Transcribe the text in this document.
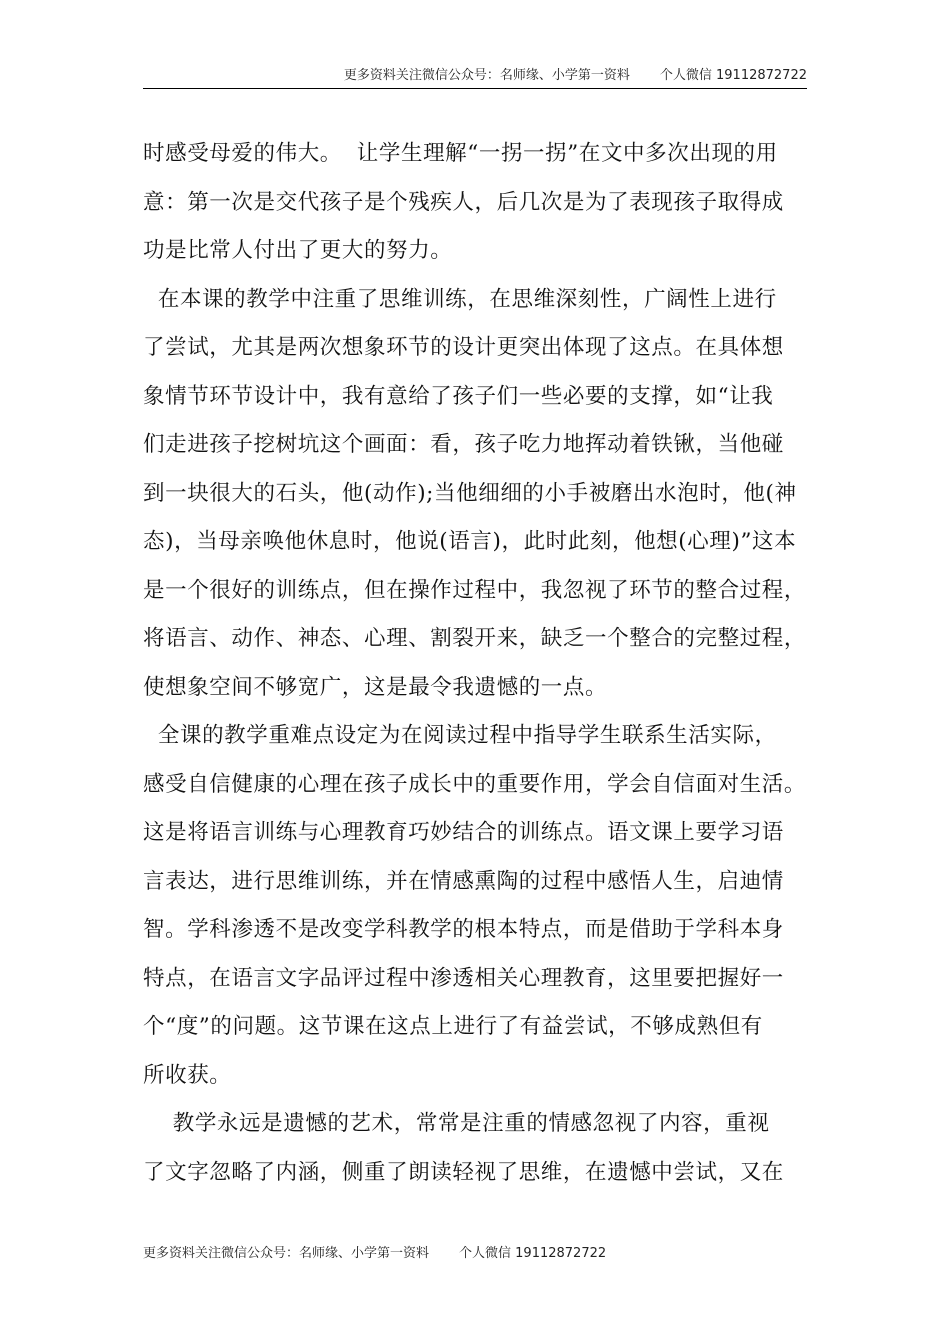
更多资料关注微信公众号：名师缘、小学第一资料 个人微信 19112872722

时感受母爱的伟大。  让学生理解“一拐一拐”在文中多次出现的用

意：第一次是交代孩子是个残疾人，后几次是为了表现孩子取得成

功是比常人付出了更大的努力。

在本课的教学中注重了思维训练，在思维深刻性，广阔性上进行

了尝试，尤其是两次想象环节的设计更突出体现了这点。在具体想

象情节环节设计中，我有意给了孩子们一些必要的支撑，如“让我

们走进孩子挖树坑这个画面：看，孩子吃力地挥动着铁锹，当他碰

到一块很大的石头，他(动作);当他细细的小手被磨出水泡时，他(神

态)，当母亲唤他休息时，他说(语言)，此时此刻，他想(心理)”这本

是一个很好的训练点，但在操作过程中，我忽视了环节的整合过程，

将语言、动作、神态、心理、割裂开来，缺乏一个整合的完整过程，

使想象空间不够宽广，这是最令我遗憾的一点。

全课的教学重难点设定为在阅读过程中指导学生联系生活实际，

感受自信健康的心理在孩子成长中的重要作用，学会自信面对生活。

这是将语言训练与心理教育巧妙结合的训练点。语文课上要学习语

言表达，进行思维训练，并在情感熏陶的过程中感悟人生，启迪情

智。学科渗透不是改变学科教学的根本特点，而是借助于学科本身

特点，在语言文字品评过程中渗透相关心理教育，这里要把握好一

个“度”的问题。这节课在这点上进行了有益尝试，不够成熟但有

所收获。

教学永远是遗憾的艺术，常常是注重的情感忽视了内容，重视

了文字忽略了内涵，侧重了朗读轻视了思维，在遗憾中尝试，又在

更多资料关注微信公众号：名师缘、小学第一资料 个人微信 19112872722
